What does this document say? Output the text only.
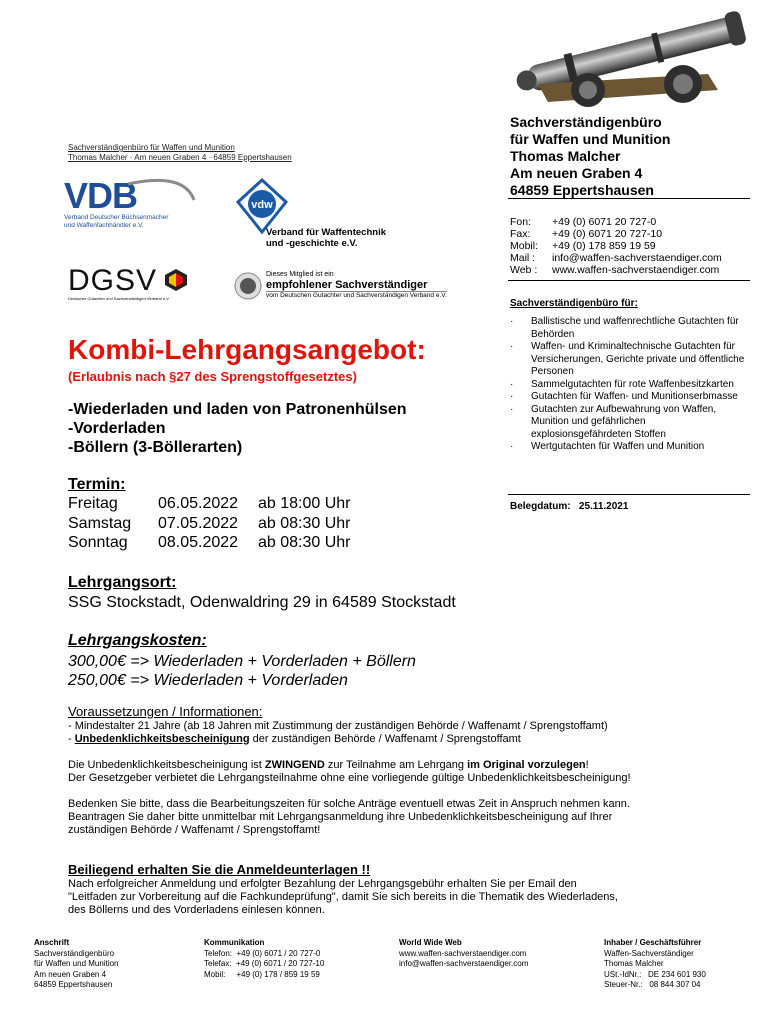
Sachverständigenbüro für Waffen und Munition
Thomas Malcher · Am neuen Graben 4 · 64859 Eppertshausen
VDB
Verband Deutscher Büchsenmacher
und Waffenfachhändler e.V.
vdw
Verband für Waffentechnik
und -geschichte e.V.
DGSV
Deutscher Gutachter und Sachverständigen Verband e.V.
Dieses Mitglied ist ein
empfohlener Sachverständiger
vom Deutschen Gutachter und Sachverständigen Verband e.V.
Sachverständigenbüro
für Waffen und Munition
Thomas Malcher
Am neuen Graben 4
64859 Eppertshausen
Fon:	+49 (0) 6071 20 727-0
Fax:	+49 (0) 6071 20 727-10
Mobil:	+49 (0) 178 859 19 59
Mail :	info@waffen-sachverstaendiger.com
Web :	www.waffen-sachverstaendiger.com
Sachverständigenbüro für:
· Ballistische und waffenrechtliche Gutachten für Behörden
· Waffen- und Kriminaltechnische Gutachten für Versicherungen, Gerichte private und öffentliche Personen
· Sammelgutachten für rote Waffenbesitzkarten
· Gutachten für Waffen- und Munitionserbmasse
· Gutachten zur Aufbewahrung von Waffen, Munition und gefährlichen explosionsgefährdeten Stoffen
· Wertgutachten für Waffen und Munition
Belegdatum: 25.11.2021
Kombi-Lehrgangsangebot:
(Erlaubnis nach §27 des Sprengstoffgesetztes)
-Wiederladen und laden von Patronenhülsen
-Vorderladen
-Böllern (3-Böllerarten)
Termin:
Freitag	06.05.2022	ab 18:00 Uhr
Samstag	07.05.2022	ab 08:30 Uhr
Sonntag	08.05.2022	ab 08:30 Uhr
Lehrgangsort:
SSG Stockstadt, Odenwaldring 29 in 64589 Stockstadt
Lehrgangskosten:
300,00€ => Wiederladen + Vorderladen + Böllern
250,00€ => Wiederladen + Vorderladen
Voraussetzungen / Informationen:

- Mindestalter 21 Jahre (ab 18 Jahren mit Zustimmung der zuständigen Behörde / Waffenamt / Sprengstoffamt)

- Unbedenklichkeitsbescheinigung der zuständigen Behörde / Waffenamt / Sprengstoffamt

Die Unbedenklichkeitsbescheinigung ist ZWINGEND zur Teilnahme am Lehrgang im Original vorzulegen!

Der Gesetzgeber verbietet die Lehrgangsteilnahme ohne eine vorliegende gültige Unbedenklichkeitsbescheinigung!

Bedenken Sie bitte, dass die Bearbeitungszeiten für solche Anträge eventuell etwas Zeit in Anspruch nehmen kann.

Beantragen Sie daher bitte unmittelbar mit Lehrgangsanmeldung ihre Unbedenklichkeitsbescheinigung auf Ihrer

zuständigen Behörde / Waffenamt / Sprengstoffamt!

Beiliegend erhalten Sie die Anmeldeunterlagen !!
Nach erfolgreicher Anmeldung und erfolgter Bezahlung der Lehrgangsgebühr erhalten Sie per Email den
"Leitfaden zur Vorbereitung auf die Fachkundeprüfung", damit Sie sich bereits in die Thematik des Wiederladens,
des Böllerns und des Vorderladens einlesen können.
Anschrift
Sachverständigenbüro
für Waffen und Munition
Am neuen Graben 4
64859 Eppertshausen
Kommunikation
Telefon:  +49 (0) 6071 / 20 727-0
Telefax:  +49 (0) 6071 / 20 727-10
Mobil:     +49 (0) 178 / 859 19 59
World Wide Web
www.waffen-sachverstaendiger.com
info@waffen-sachverstaendiger.com
Inhaber / Geschäftsführer
Waffen-Sachverständiger
Thomas Malcher
USt.-IdNr.:   DE 234 601 930
Steuer-Nr.:   08 844 307 04
